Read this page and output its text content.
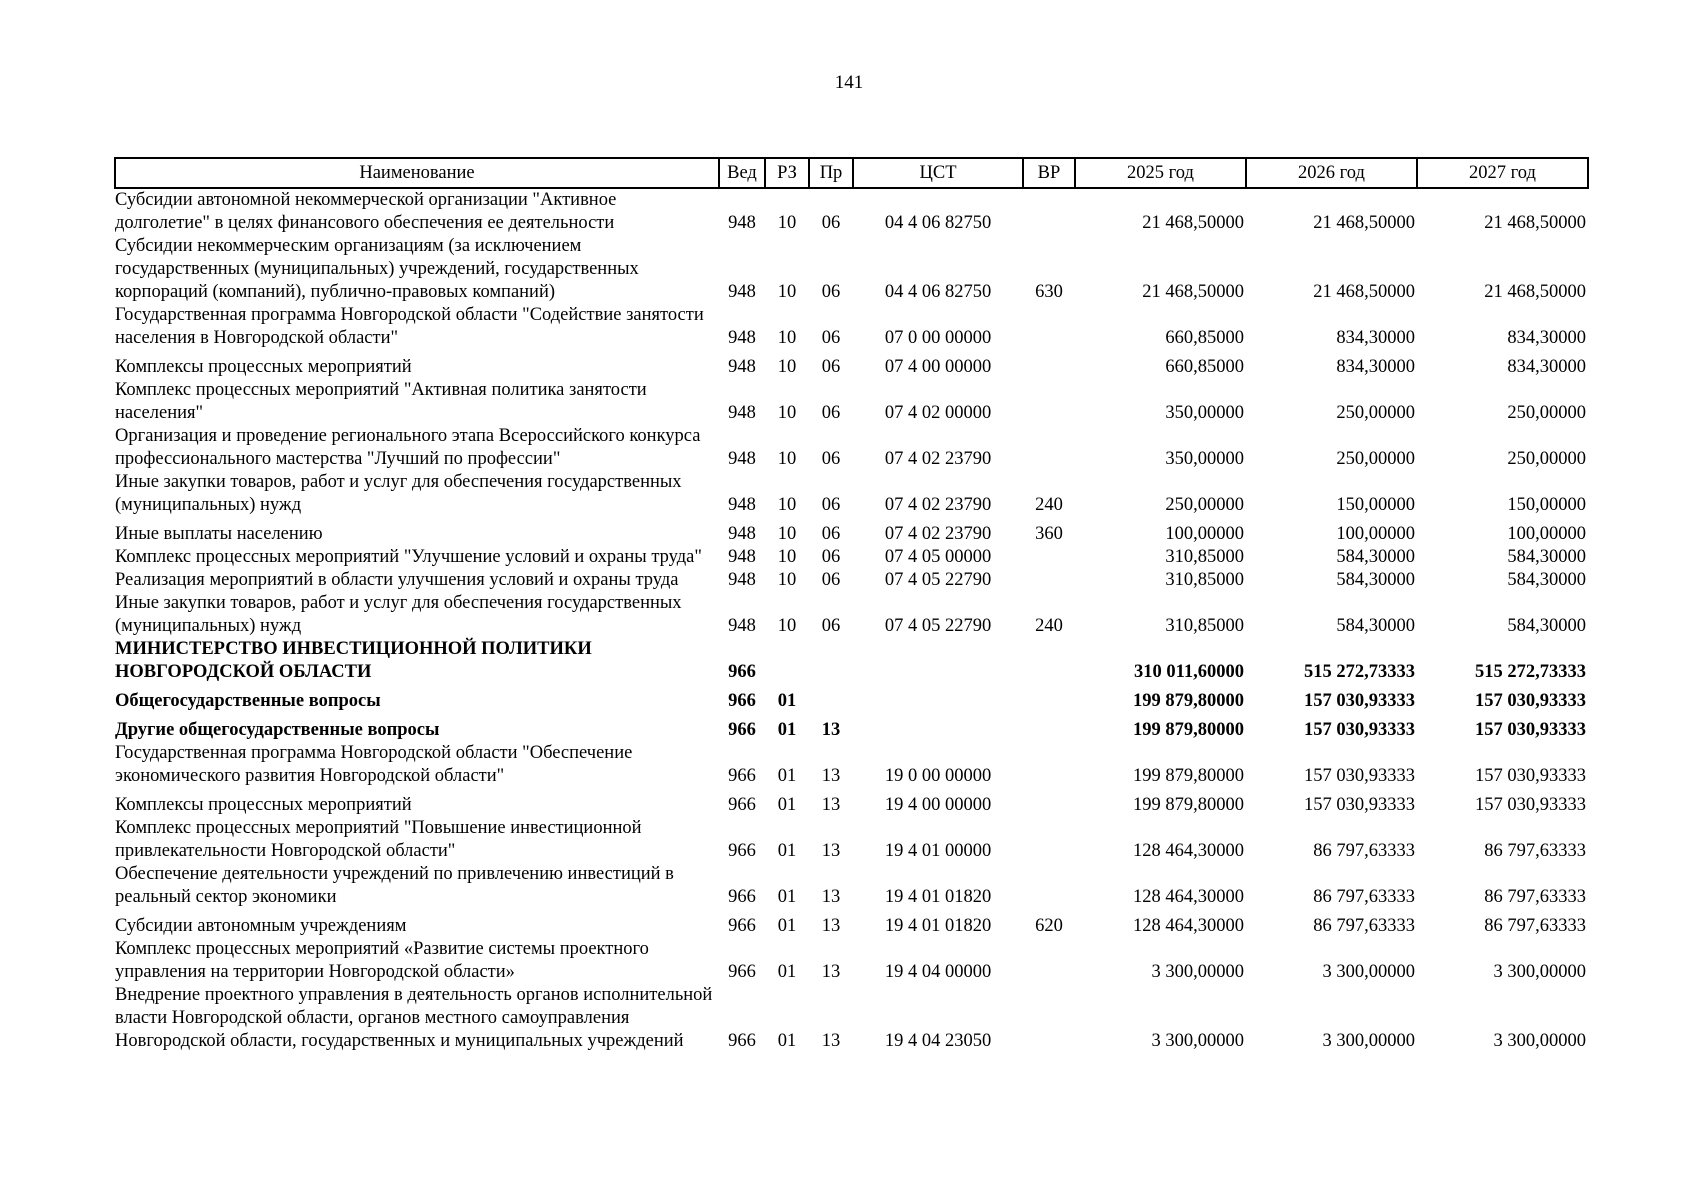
141
Наименование	Вед	РЗ	Пр	ЦСТ	ВР	2025 год	2026 год	2027 год
Субсидии автономной некоммерческой организации "Активное долголетие" в целях финансового обеспечения ее деятельности	948	10	06	04 4 06 82750		21 468,50000	21 468,50000	21 468,50000
Субсидии некоммерческим организациям (за исключением государственных (муниципальных) учреждений, государственных корпораций (компаний), публично-правовых компаний)	948	10	06	04 4 06 82750	630	21 468,50000	21 468,50000	21 468,50000
Государственная программа Новгородской области "Содействие занятости населения в Новгородской области"	948	10	06	07 0 00 00000		660,85000	834,30000	834,30000
Комплексы процессных мероприятий	948	10	06	07 4 00 00000		660,85000	834,30000	834,30000
Комплекс процессных мероприятий "Активная политика занятости населения"	948	10	06	07 4 02 00000		350,00000	250,00000	250,00000
Организация и проведение регионального этапа Всероссийского конкурса профессионального мастерства "Лучший по профессии"	948	10	06	07 4 02 23790		350,00000	250,00000	250,00000
Иные закупки товаров, работ и услуг для обеспечения государственных (муниципальных) нужд	948	10	06	07 4 02 23790	240	250,00000	150,00000	150,00000
Иные выплаты населению	948	10	06	07 4 02 23790	360	100,00000	100,00000	100,00000
Комплекс процессных мероприятий "Улучшение условий и охраны труда"	948	10	06	07 4 05 00000		310,85000	584,30000	584,30000
Реализация мероприятий в области улучшения условий и охраны труда	948	10	06	07 4 05 22790		310,85000	584,30000	584,30000
Иные закупки товаров, работ и услуг для обеспечения государственных (муниципальных) нужд	948	10	06	07 4 05 22790	240	310,85000	584,30000	584,30000
МИНИСТЕРСТВО ИНВЕСТИЦИОННОЙ ПОЛИТИКИ НОВГОРОДСКОЙ ОБЛАСТИ	966					310 011,60000	515 272,73333	515 272,73333
Общегосударственные вопросы	966	01				199 879,80000	157 030,93333	157 030,93333
Другие общегосударственные вопросы	966	01	13			199 879,80000	157 030,93333	157 030,93333
Государственная программа Новгородской области "Обеспечение экономического развития Новгородской области"	966	01	13	19 0 00 00000		199 879,80000	157 030,93333	157 030,93333
Комплексы процессных мероприятий	966	01	13	19 4 00 00000		199 879,80000	157 030,93333	157 030,93333
Комплекс процессных мероприятий "Повышение инвестиционной привлекательности Новгородской области"	966	01	13	19 4 01 00000		128 464,30000	86 797,63333	86 797,63333
Обеспечение деятельности учреждений по привлечению инвестиций в реальный сектор экономики	966	01	13	19 4 01 01820		128 464,30000	86 797,63333	86 797,63333
Субсидии автономным учреждениям	966	01	13	19 4 01 01820	620	128 464,30000	86 797,63333	86 797,63333
Комплекс процессных мероприятий «Развитие системы проектного управления на территории Новгородской области»	966	01	13	19 4 04 00000		3 300,00000	3 300,00000	3 300,00000
Внедрение проектного управления в деятельность органов исполнительной власти Новгородской области, органов местного самоуправления Новгородской области, государственных и муниципальных учреждений	966	01	13	19 4 04 23050		3 300,00000	3 300,00000	3 300,00000
